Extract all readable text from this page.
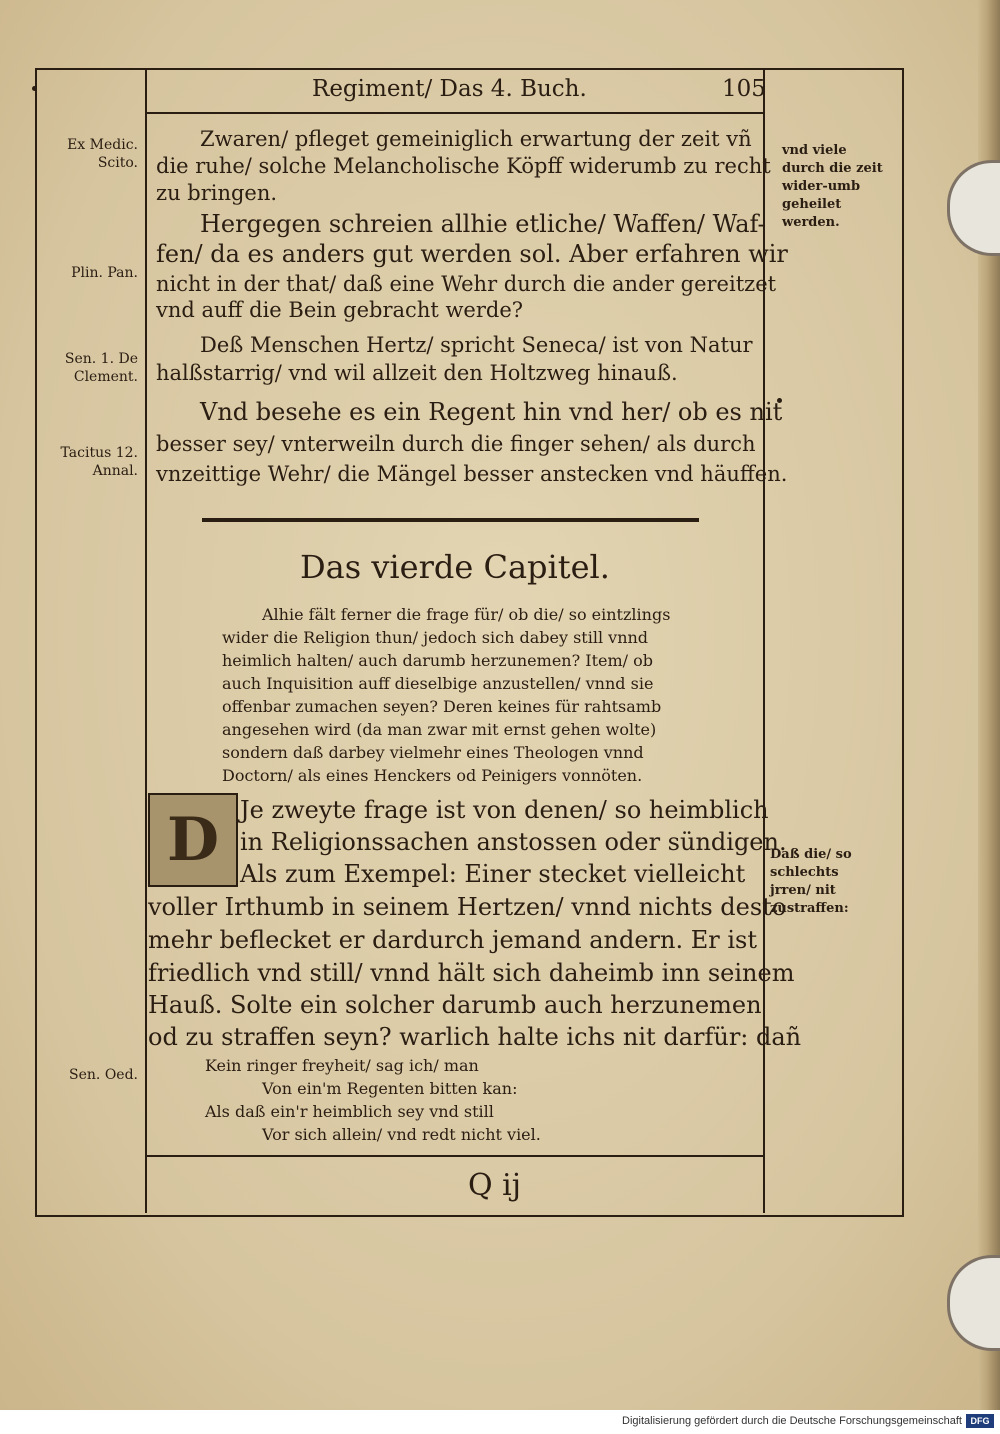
Regiment/ Das 4. Buch.	105
Ex Medic. Scito.
Plin. Pan.
Sen. 1. De Clement.
Tacitus 12. Annal.
Sen. Oed.
vnd viele durch die zeit wider-umb geheilet werden.
Daß die/ so schlechts jrren/ nit zustraffen:
Zwaren/ pfleget gemeiniglich erwartung der zeit vñ
die ruhe/ solche Melancholische Köpff widerumb zu recht
zu bringen.
Hergegen schreien allhie etliche/ Waffen/ Waf-
fen/ da es anders gut werden sol. Aber erfahren wir
nicht in der that/ daß eine Wehr durch die ander gereitzet
vnd auff die Bein gebracht werde?
Deß Menschen Hertz/ spricht Seneca/ ist von Natur
halßstarrig/ vnd wil allzeit den Holtzweg hinauß.
Vnd besehe es ein Regent hin vnd her/ ob es nit
besser sey/ vnterweiln durch die finger sehen/ als durch
vnzeittige Wehr/ die Mängel besser anstecken vnd häuffen.
Das vierde Capitel.
Alhie fält ferner die frage für/ ob die/ so eintzlings
wider die Religion thun/ jedoch sich dabey still vnnd
heimlich halten/ auch darumb herzunemen? Item/ ob
auch Inquisition auff dieselbige anzustellen/ vnnd sie
offenbar zumachen seyen? Deren keines für rahtsamb
angesehen wird (da man zwar mit ernst gehen wolte)
sondern daß darbey vielmehr eines Theologen vnnd
Doctorn/ als eines Henckers od Peinigers vonnöten.
D Je zweyte frage ist von denen/ so heimblich
in Religionssachen anstossen oder sündigen.
Als zum Exempel: Einer stecket vielleicht
voller Irthumb in seinem Hertzen/ vnnd nichts desto
mehr beflecket er dardurch jemand andern. Er ist
friedlich vnd still/ vnnd hält sich daheimb inn seinem
Hauß. Solte ein solcher darumb auch herzunemen
od zu straffen seyn? warlich halte ichs nit darfür: dañ
Kein ringer freyheit/ sag ich/ man
Von ein'm Regenten bitten kan:
Als daß ein'r heimblich sey vnd still
Vor sich allein/ vnd redt nicht viel.
Q ij
Digitalisierung gefördert durch die Deutsche Forschungsgemeinschaft DFG
